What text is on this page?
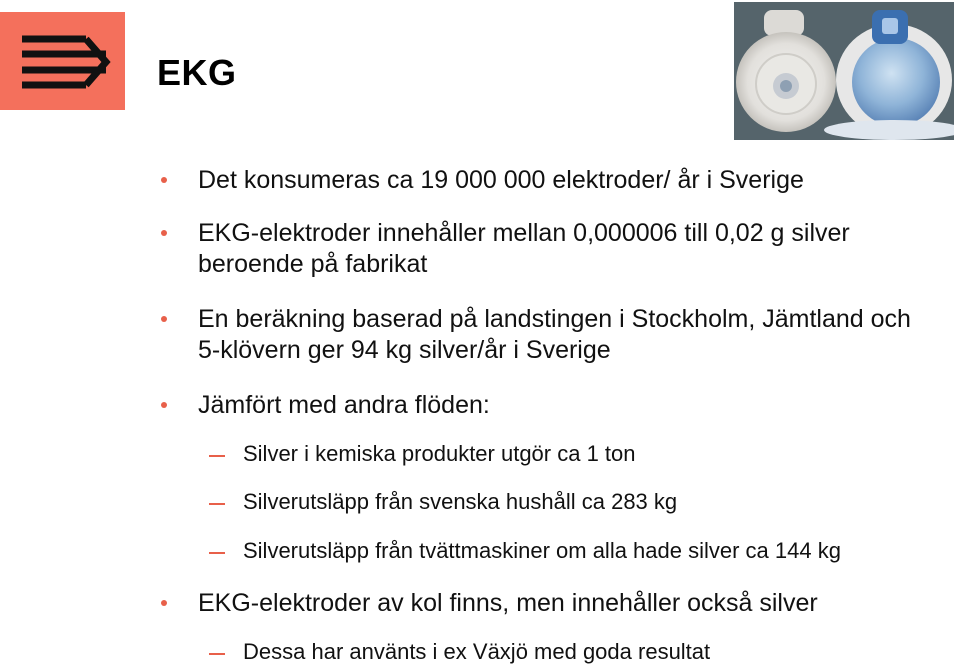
EKG
Det konsumeras ca 19 000 000 elektroder/ år i Sverige
EKG-elektroder innehåller mellan 0,000006 till 0,02 g silver beroende på fabrikat
En beräkning baserad på landstingen i Stockholm, Jämtland och 5-klövern ger 94 kg silver/år i Sverige
Jämfört med andra flöden:
Silver i kemiska produkter utgör ca 1 ton
Silverutsläpp från svenska hushåll ca 283 kg
Silverutsläpp från tvättmaskiner om alla hade silver ca 144 kg
EKG-elektroder av kol finns, men innehåller också silver
Dessa har använts i ex Växjö med goda resultat
